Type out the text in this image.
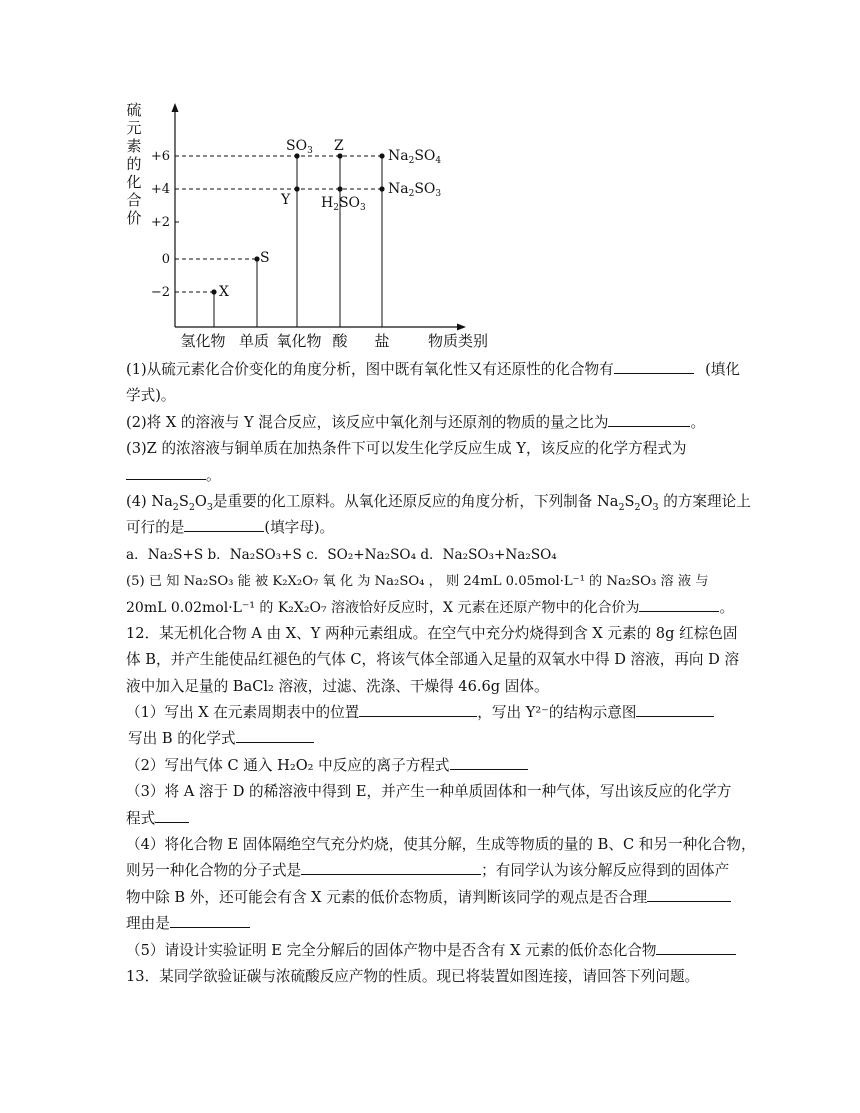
硫
元
素
的
化
合
价
+6
+4
+2
0
−2	X
S
Y
Z
$SO_3$
$H_2SO_3$
$Na_2SO_4$
$Na_2SO_3$
氢化物 单质 氧化物 酸 盐	物质类别
(1)从硫元素化合价变化的角度分析，图中既有氧化性又有还原性的化合物有	(填化
学式)。
(2)将 X 的溶液与 Y 混合反应，该反应中氧化剂与还原剂的物质的量之比为	。
(3)Z 的浓溶液与铜单质在加热条件下可以发生化学反应生成 Y，该反应的化学方程式为
。
(4) $Na_2S_2O_3$是重要的化工原料。从氧化还原反应的角度分析，下列制备 $Na_2S_2O_3$ 的方案理论上
可行的是	(填字母)。
a．Na₂S+S b．Na₂SO₃+S c．SO₂+Na₂SO₄ d．Na₂SO₃+Na₂SO₄
(5) 已 知 Na₂SO₃ 能 被 K₂X₂O₇ 氧 化 为 Na₂SO₄ ， 则 24mL 0.05mol·L⁻¹ 的 Na₂SO₃ 溶 液 与
20mL 0.02mol·L⁻¹ 的 K₂X₂O₇ 溶液恰好反应时，X 元素在还原产物中的化合价为	。
12．某无机化合物 A 由 X、Y 两种元素组成。在空气中充分灼烧得到含 X 元素的 8g 红棕色固
体 B，并产生能使品红褪色的气体 C，将该气体全部通入足量的双氧水中得 D 溶液，再向 D 溶
液中加入足量的 BaCl₂ 溶液，过滤、洗涤、干燥得 46.6g 固体。
（1）写出 X 在元素周期表中的位置	，写出 Y²⁻的结构示意图
写出 B 的化学式
（2）写出气体 C 通入 H₂O₂ 中反应的离子方程式
（3）将 A 溶于 D 的稀溶液中得到 E，并产生一种单质固体和一种气体，写出该反应的化学方
程式
（4）将化合物 E 固体隔绝空气充分灼烧，使其分解，生成等物质的量的 B、C 和另一种化合物，
则另一种化合物的分子式是	；有同学认为该分解反应得到的固体产
物中除 B 外，还可能会有含 X 元素的低价态物质，请判断该同学的观点是否合理
理由是
（5）请设计实验证明 E 完全分解后的固体产物中是否含有 X 元素的低价态化合物
13．某同学欲验证碳与浓硫酸反应产物的性质。现已将装置如图连接，请回答下列问题。
